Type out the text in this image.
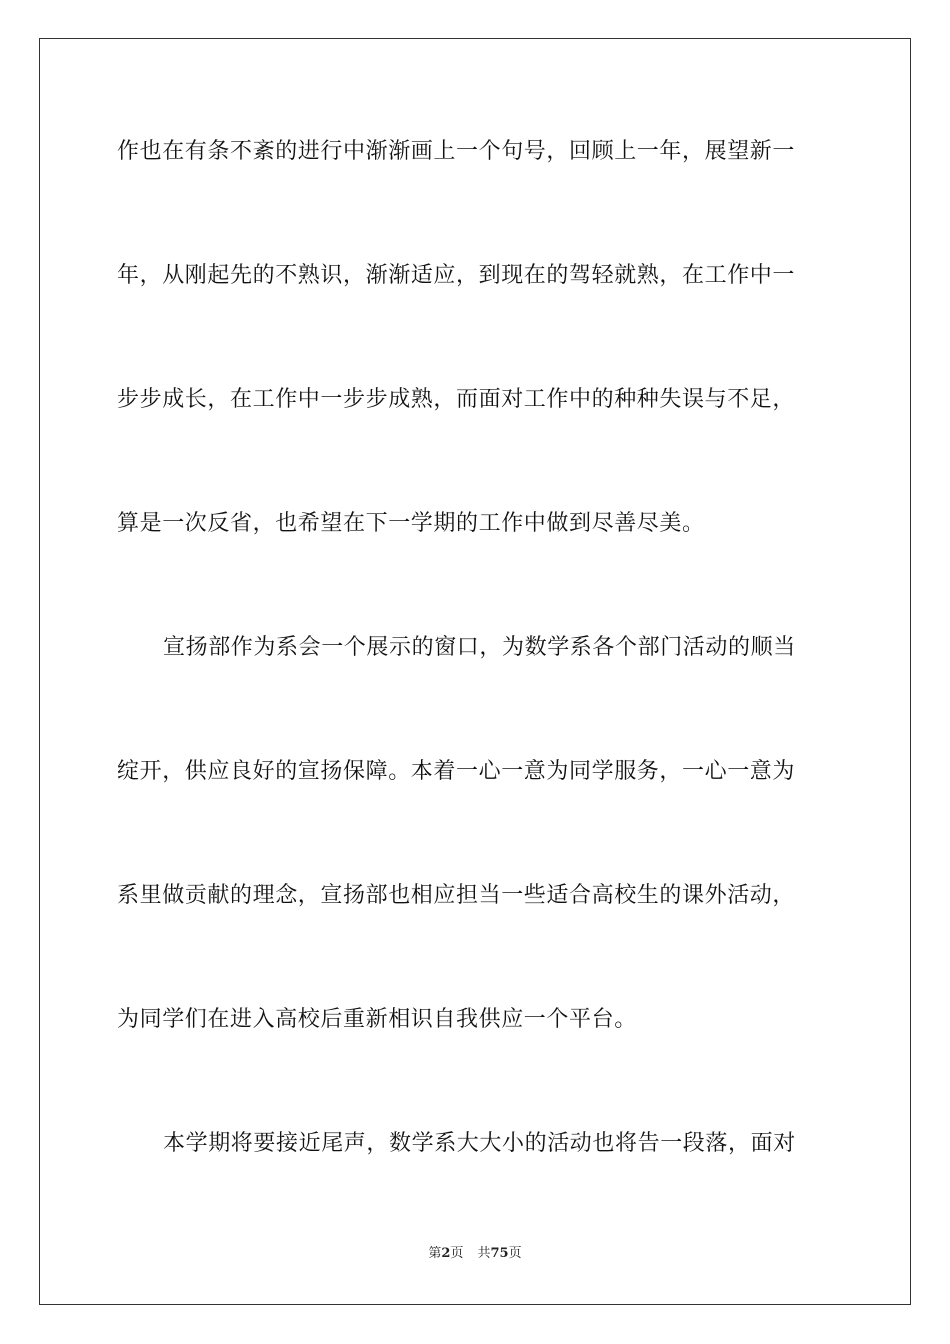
作也在有条不紊的进行中渐渐画上一个句号，回顾上一年，展望新一
年，从刚起先的不熟识，渐渐适应，到现在的驾轻就熟，在工作中一
步步成长，在工作中一步步成熟，而面对工作中的种种失误与不足，
算是一次反省，也希望在下一学期的工作中做到尽善尽美。
宣扬部作为系会一个展示的窗口，为数学系各个部门活动的顺当
绽开，供应良好的宣扬保障。本着一心一意为同学服务，一心一意为
系里做贡献的理念，宣扬部也相应担当一些适合高校生的课外活动，
为同学们在进入高校后重新相识自我供应一个平台。
本学期将要接近尾声，数学系大大小的活动也将告一段落，面对
第2页 共75页
